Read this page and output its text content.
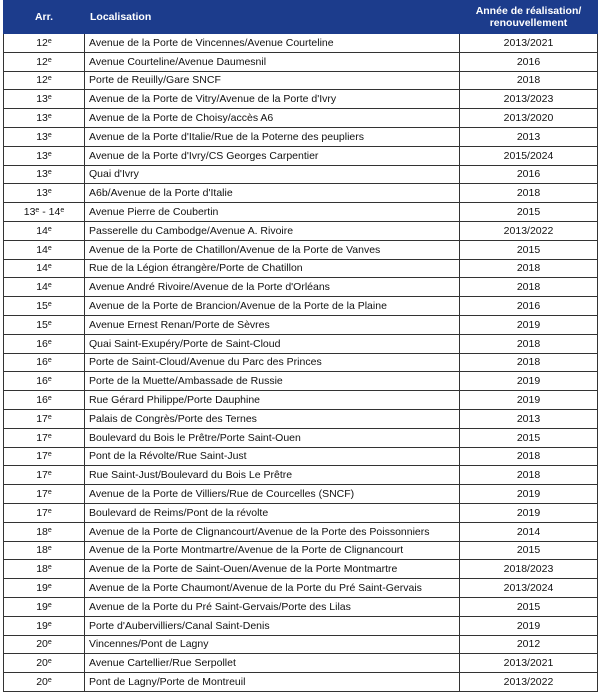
Arr.	Localisation	Année de réalisation/
renouvellement
12e	Avenue de la Porte de Vincennes/Avenue Courteline	2013/2021
12e	Avenue Courteline/Avenue Daumesnil	2016
12e	Porte de Reuilly/Gare SNCF	2018
13e	Avenue de la Porte de Vitry/Avenue de la Porte d'Ivry	2013/2023
13e	Avenue de la Porte de Choisy/accès A6	2013/2020
13e	Avenue de la Porte d'Italie/Rue de la Poterne des peupliers	2013
13e	Avenue de la Porte d'Ivry/CS Georges Carpentier	2015/2024
13e	Quai d'Ivry	2016
13e	A6b/Avenue de la Porte d'Italie	2018
13e - 14e	Avenue Pierre de Coubertin	2015
14e	Passerelle du Cambodge/Avenue A. Rivoire	2013/2022
14e	Avenue de la Porte de Chatillon/Avenue de la Porte de Vanves	2015
14e	Rue de la Légion étrangère/Porte de Chatillon	2018
14e	Avenue André Rivoire/Avenue de la Porte d'Orléans	2018
15e	Avenue de la Porte de Brancion/Avenue de la Porte de la Plaine	2016
15e	Avenue Ernest Renan/Porte de Sèvres	2019
16e	Quai Saint-Exupéry/Porte de Saint-Cloud	2018
16e	Porte de Saint-Cloud/Avenue du Parc des Princes	2018
16e	Porte de la Muette/Ambassade de Russie	2019
16e	Rue Gérard Philippe/Porte Dauphine	2019
17e	Palais de Congrès/Porte des Ternes	2013
17e	Boulevard du Bois le Prêtre/Porte Saint-Ouen	2015
17e	Pont de la Révolte/Rue Saint-Just	2018
17e	Rue Saint-Just/Boulevard du Bois Le Prêtre	2018
17e	Avenue de la Porte de Villiers/Rue de Courcelles (SNCF)	2019
17e	Boulevard de Reims/Pont de la révolte	2019
18e	Avenue de la Porte de Clignancourt/Avenue de la Porte des Poissonniers	2014
18e	Avenue de la Porte Montmartre/Avenue de la Porte de Clignancourt	2015
18e	Avenue de la Porte de Saint-Ouen/Avenue de la Porte Montmartre	2018/2023
19e	Avenue de la Porte Chaumont/Avenue de la Porte du Pré Saint-Gervais	2013/2024
19e	Avenue de la Porte du Pré Saint-Gervais/Porte des Lilas	2015
19e	Porte d'Aubervilliers/Canal Saint-Denis	2019
20e	Vincennes/Pont de Lagny	2012
20e	Avenue Cartellier/Rue Serpollet	2013/2021
20e	Pont de Lagny/Porte de Montreuil	2013/2022
